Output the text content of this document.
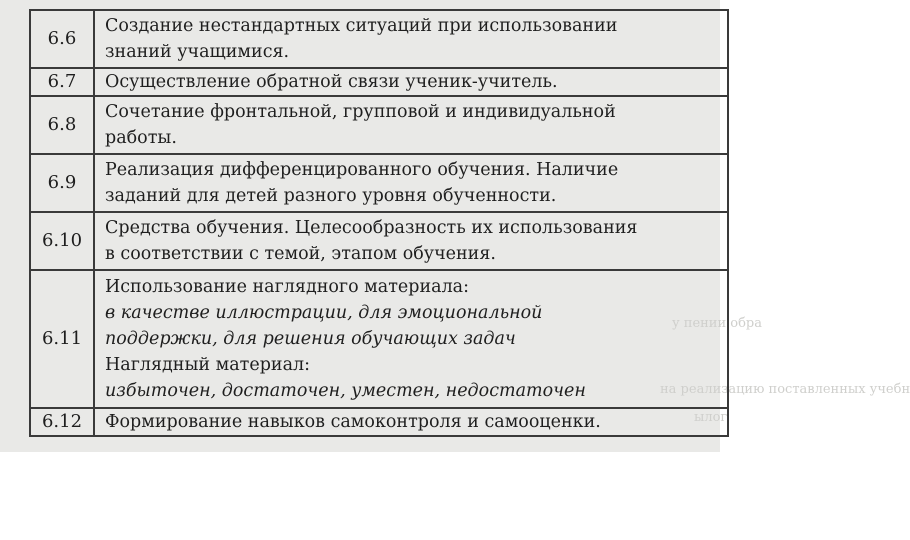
у пении обра
на реализацию поставленных учебн
ылог
6.6	Создание нестандартных ситуаций при использовании
знаний учащимися.

6.7	Осуществление обратной связи ученик-учитель.

6.8	Сочетание фронтальной, групповой и индивидуальной
работы.

6.9	Реализация дифференцированного обучения. Наличие
заданий для детей разного уровня обученности.

6.10	Средства обучения. Целесообразность их использования
в соответствии с темой, этапом обучения.

6.11	Использование наглядного материала:
в качестве иллюстрации, для эмоциональной
поддержки, для решения обучающих задач
Наглядный материал:
избыточен, достаточен, уместен, недостаточен

6.12	Формирование навыков самоконтроля и самооценки.
